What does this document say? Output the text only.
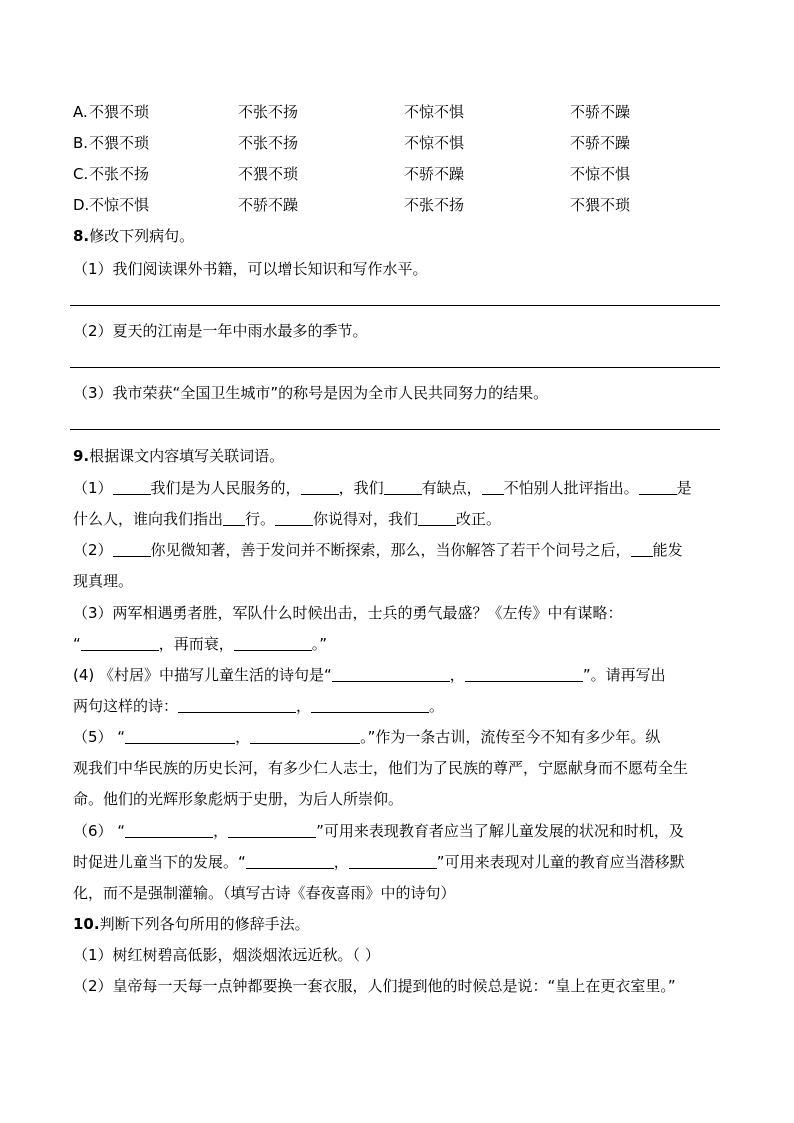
A. 不猥不琐	不张不扬	不惊不惧	不骄不躁
B. 不猥不琐	不张不扬	不惊不惧	不骄不躁
C. 不张不扬	不猥不琐	不骄不躁	不惊不惧
D. 不惊不惧	不骄不躁	不张不扬	不猥不琐
8.修改下列病句。
（1）我们阅读课外书籍，可以增长知识和写作水平。
（2）夏天的江南是一年中雨水最多的季节。
（3）我市荣获“全国卫生城市”的称号是因为全市人民共同努力的结果。
9.根据课文内容填写关联词语。
（1）	我们是为人民服务的，	，我们	有缺点， 不怕别人批评指出。	是
什么人，谁向我们指出 行。	你说得对，我们	改正。
（2）	你见微知著，善于发问并不断探索，那么，当你解答了若干个问号之后， 能发
现真理。
（3）两军相遇勇者胜，军队什么时候出击，士兵的勇气最盛？《左传》中有谋略：
“	，再而衰，	。”
(4) 《村居》中描写儿童生活的诗句是“	，	”。请再写出
两句这样的诗：	，	。
（5） “	，	。”作为一条古训，流传至今不知有多少年。纵
观我们中华民族的历史长河，有多少仁人志士，他们为了民族的尊严，宁愿献身而不愿苟全生
命。他们的光辉形象彪炳于史册，为后人所崇仰。
（6） “	，	”可用来表现教育者应当了解儿童发展的状况和时机，及
时促进儿童当下的发展。“	，	”可用来表现对儿童的教育应当潜移默
化，而不是强制灌输。（填写古诗《春夜喜雨》中的诗句）
10.判断下列各句所用的修辞手法。
（1）树红树碧高低影，烟淡烟浓远近秋。（ ）
（2）皇帝每一天每一点钟都要换一套衣服，人们提到他的时候总是说：“皇上在更衣室里。”
